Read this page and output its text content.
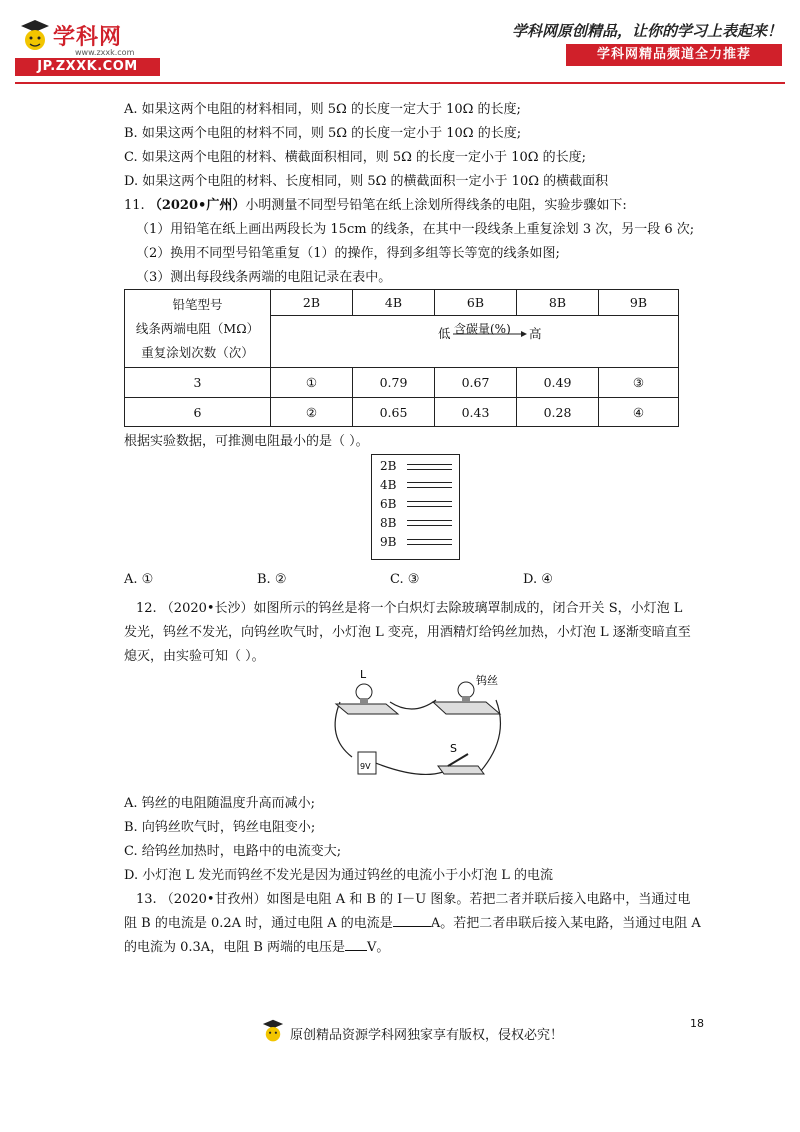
学科网
www.zxxk.com
JP.ZXXK.COM
学科网原创精品，让你的学习上表起来！
学科网精品频道全力推荐
A. 如果这两个电阻的材料相同，则 5Ω 的长度一定大于 10Ω 的长度;
B. 如果这两个电阻的材料不同，则 5Ω 的长度一定小于 10Ω 的长度;
C. 如果这两个电阻的材料、横截面积相同，则 5Ω 的长度一定小于 10Ω 的长度;
D. 如果这两个电阻的材料、长度相同，则 5Ω 的横截面积一定小于 10Ω 的横截面积
11. （2020•广州）小明测量不同型号铅笔在纸上涂划所得线条的电阻，实验步骤如下:
（1）用铅笔在纸上画出两段长为 15cm 的线条，在其中一段线条上重复涂划 3 次，另一段 6 次;
（2）换用不同型号铅笔重复（1）的操作，得到多组等长等宽的线条如图;
（3）测出每段线条两端的电阻记录在表中。
铅笔型号
线条两端电阻（MΩ）
重复涂划次数（次）	2B	4B	6B	8B	9B

	低 含碳量(%) 高				

3	①	0.79	0.67	0.49	③
6	②	0.65	0.43	0.28	④
根据实验数据，可推测电阻最小的是（ ）。
2B
4B
6B
8B
9B
A. ①	B. ②	C. ③	D. ④
12. （2020•长沙）如图所示的钨丝是将一个白炽灯去除玻璃罩制成的，闭合开关 S，小灯泡 L
发光，钨丝不发光，向钨丝吹气时，小灯泡 L 变亮，用酒精灯给钨丝加热，小灯泡 L 逐渐变暗直至
熄灭，由实验可知（ ）。
L	钨丝
S
9V
A. 钨丝的电阻随温度升高而减小;
B. 向钨丝吹气时，钨丝电阻变小;
C. 给钨丝加热时，电路中的电流变大;
D. 小灯泡 L 发光而钨丝不发光是因为通过钨丝的电流小于小灯泡 L 的电流
13. （2020•甘孜州）如图是电阻 A 和 B 的 I－U 图象。若把二者并联后接入电路中，当通过电
阻 B 的电流是 0.2A 时，通过电阻 A 的电流是	A。若把二者串联后接入某电路，当通过电阻 A
的电流为 0.3A，电阻 B 两端的电压是 V。
18
原创精品资源学科网独家享有版权，侵权必究！
